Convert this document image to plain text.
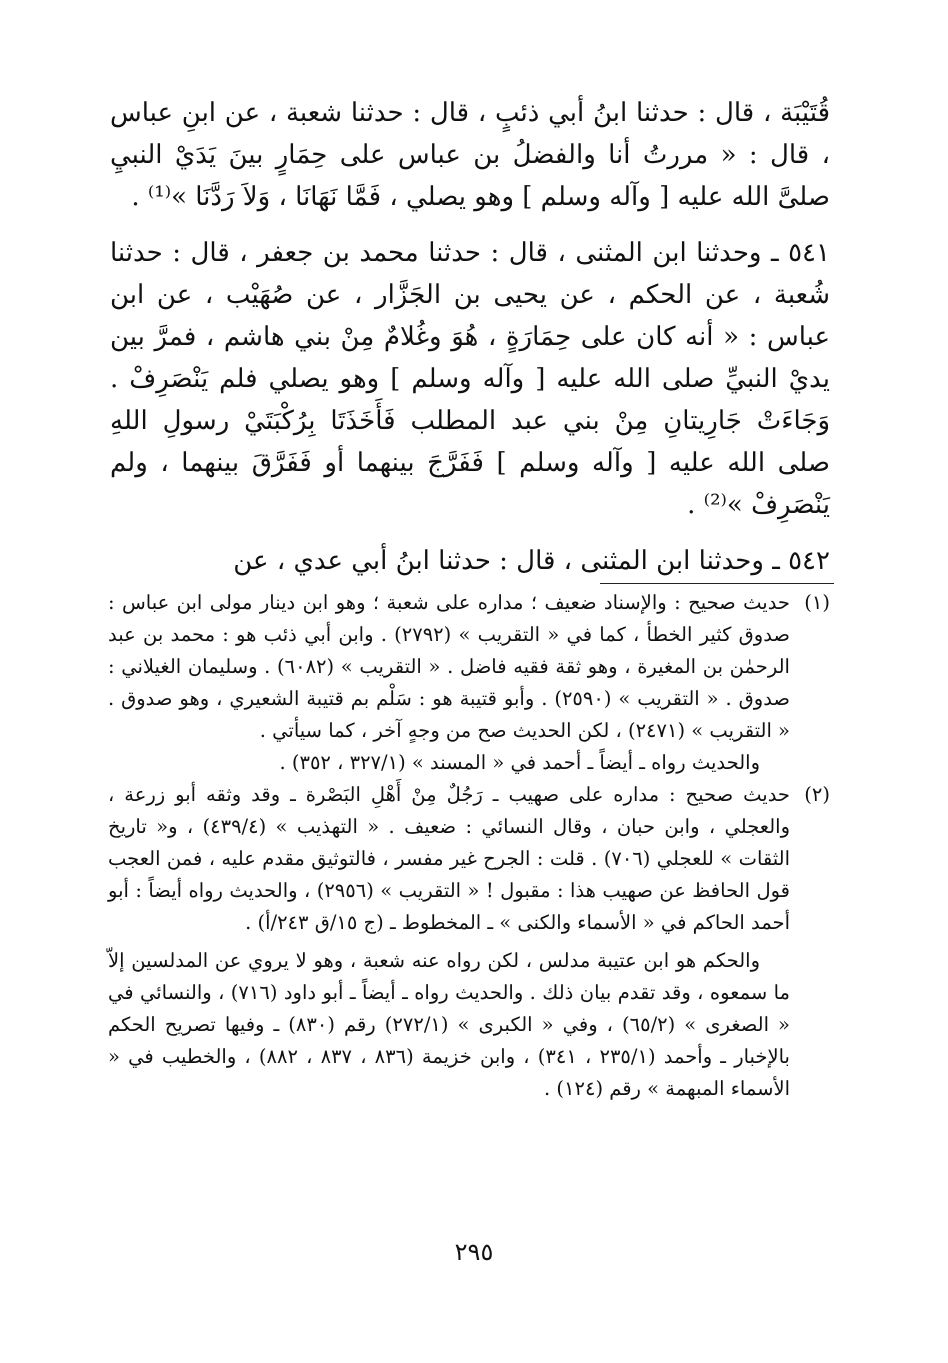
قُتَيْبَة ، قال : حدثنا ابنُ أبي ذئبٍ ، قال : حدثنا شعبة ، عن ابنِ عباس ، قال : « مررتُ أنا والفضلُ بن عباس على حِمَارٍ بينَ يَدَيْ النبيِ صلىَّ الله عليه [ وآله وسلم ] وهو يصلي ، فَمَّا نَهَانَا ، وَلاَ رَدَّنَا »⁽¹⁾ .

٥٤١ ـ وحدثنا ابن المثنى ، قال : حدثنا محمد بن جعفر ، قال : حدثنا شُعبة ، عن الحكم ، عن يحيى بن الجَزَّار ، عن صُهَيْب ، عن ابن عباس : « أنه كان على حِمَارَةٍ ، هُوَ وغُلامٌ مِنْ بني هاشم ، فمرَّ بين يديْ النبيِّ صلى الله عليه [ وآله وسلم ] وهو يصلي فلم يَنْصَرِفْ . وَجَاءَتْ جَارِيتانِ مِنْ بني عبد المطلب فَأَخَذَتَا بِرُكْبَتَيْ رسولِ اللهِ صلى الله عليه [ وآله وسلم ] فَفَرَّجَ بينهما أو فَفَرَّقَ بينهما ، ولم يَنْصَرِفْ »⁽²⁾ .

٥٤٢ ـ وحدثنا ابن المثنى ، قال : حدثنا ابنُ أبي عدي ، عن

(١)

حديث صحيح : والإسناد ضعيف ؛ مداره على شعبة ؛ وهو ابن دينار مولى ابن عباس : صدوق كثير الخطأ ، كما في « التقريب » (٢٧٩٢) . وابن أبي ذئب هو : محمد بن عبد الرحمٰن بن المغيرة ، وهو ثقة فقيه فاضل . « التقريب » (٦٠٨٢) . وسليمان الغيلاني : صدوق . « التقريب » (٢٥٩٠) . وأبو قتيبة هو : سَلْم بم قتيبة الشعيري ، وهو صدوق . « التقريب » (٢٤٧١) ، لكن الحديث صح من وجهٍ آخر ، كما سيأتي .

والحديث رواه ـ أيضاً ـ أحمد في « المسند » (٣٢٧/١ ، ٣٥٢) .

(٢)

حديث صحيح : مداره على صهيب ـ رَجُلٌ مِنْ أَهْلِ البَصْرة ـ وقد وثقه أبو زرعة ، والعجلي ، وابن حبان ، وقال النسائي : ضعيف . « التهذيب » (٤٣٩/٤) ، و« تاريخ الثقات » للعجلي (٧٠٦) . قلت : الجرح غير مفسر ، فالتوثيق مقدم عليه ، فمن العجب قول الحافظ عن صهيب هذا : مقبول ! « التقريب » (٢٩٥٦) ، والحديث رواه أيضاً : أبو أحمد الحاكم في « الأسماء والكنى » ـ المخطوط ـ (ج ١٥/ق ٢٤٣/أ) .

والحكم هو ابن عتيبة مدلس ، لكن رواه عنه شعبة ، وهو لا يروي عن المدلسين إلاّ ما سمعوه ، وقد تقدم بيان ذلك . والحديث رواه ـ أيضاً ـ أبو داود (٧١٦) ، والنسائي في « الصغرى » (٦٥/٢) ، وفي « الكبرى » (٢٧٢/١) رقم (٨٣٠) ـ وفيها تصريح الحكم بالإخبار ـ وأحمد (٢٣٥/١ ، ٣٤١) ، وابن خزيمة (٨٣٦ ، ٨٣٧ ، ٨٨٢) ، والخطيب في « الأسماء المبهمة » رقم (١٢٤) .

٢٩٥
